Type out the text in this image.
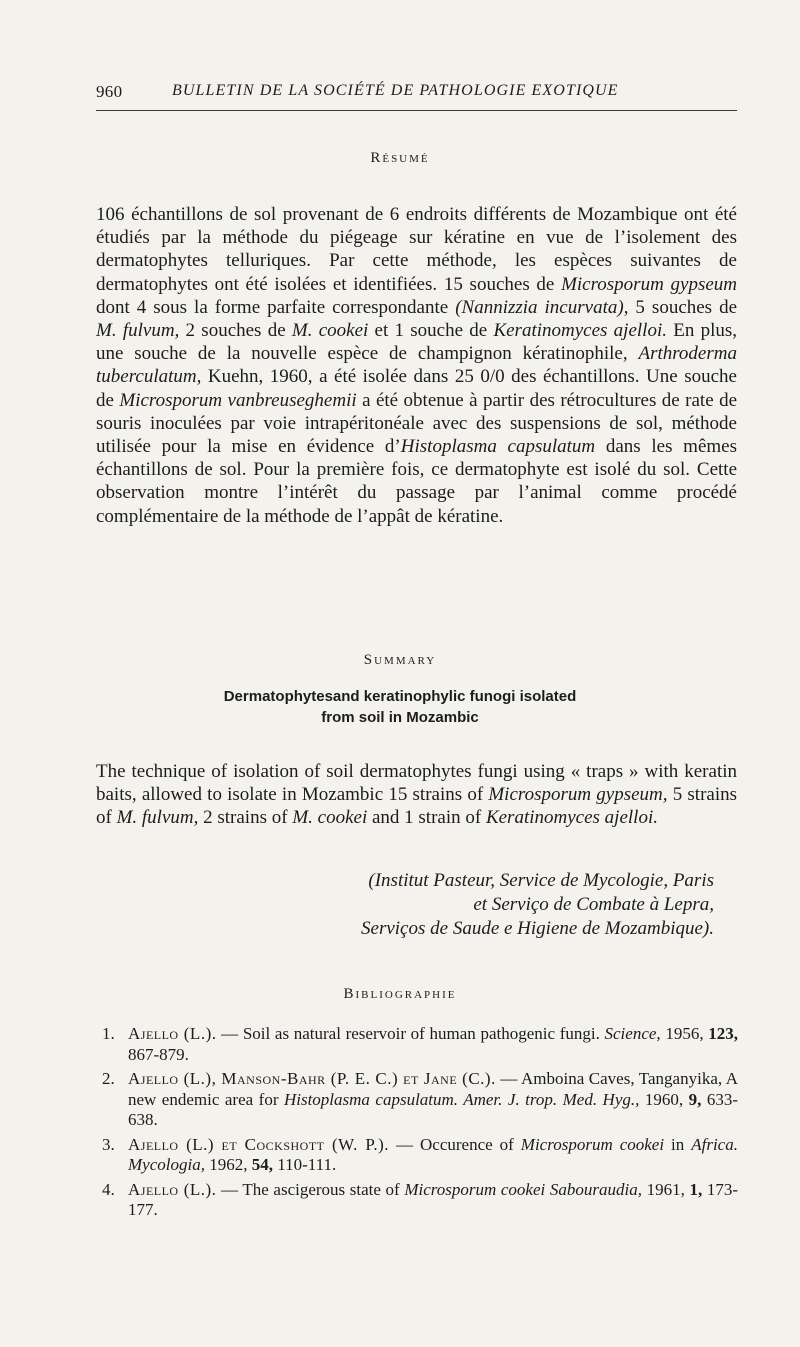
960	BULLETIN DE LA SOCIÉTÉ DE PATHOLOGIE EXOTIQUE
Résumé

106 échantillons de sol provenant de 6 endroits différents de Mozambique ont été étudiés par la méthode du piégeage sur kératine en vue de l’isolement des dermatophytes telluriques. Par cette méthode, les espèces suivantes de dermatophytes ont été isolées et identifiées. 15 souches de Microsporum gypseum dont 4 sous la forme parfaite correspondante (Nannizzia incurvata), 5 souches de M. fulvum, 2 souches de M. cookei et 1 souche de Keratinomyces ajelloi. En plus, une souche de la nouvelle espèce de champignon kératinophile, Arthroderma tuberculatum, Kuehn, 1960, a été isolée dans 25 0/0 des échantillons. Une souche de Microsporum vanbreuseghemii a été obtenue à partir des rétrocultures de rate de souris inoculées par voie intrapéritonéale avec des suspensions de sol, méthode utilisée pour la mise en évidence d’Histoplasma capsulatum dans les mêmes échantillons de sol. Pour la première fois, ce dermatophyte est isolé du sol. Cette observation montre l’intérêt du passage par l’animal comme procédé complémentaire de la méthode de l’appât de kératine.

Summary
Dermatophytesand keratinophylic funogi isolated
from soil in Mozambic

The technique of isolation of soil dermatophytes fungi using « traps » with keratin baits, allowed to isolate in Mozambic 15 strains of Microsporum gypseum, 5 strains of M. fulvum, 2 strains of M. cookei and 1 strain of Keratinomyces ajelloi.

(Institut Pasteur, Service de Mycologie, Paris
et Serviço de Combate à Lepra,
Serviços de Saude e Higiene de Mozambique).
Bibliographie
1. Ajello (L.). — Soil as natural reservoir of human pathogenic fungi. Science, 1956, 123, 867-879.
2. Ajello (L.), Manson-Bahr (P. E. C.) et Jane (C.). — Amboina Caves, Tanganyika, A new endemic area for Histoplasma capsulatum. Amer. J. trop. Med. Hyg., 1960, 9, 633-638.
3. Ajello (L.) et Cockshott (W. P.). — Occurence of Microsporum cookei in Africa. Mycologia, 1962, 54, 110-111.
4. Ajello (L.). — The ascigerous state of Microsporum cookei Sabouraudia, 1961, 1, 173-177.
